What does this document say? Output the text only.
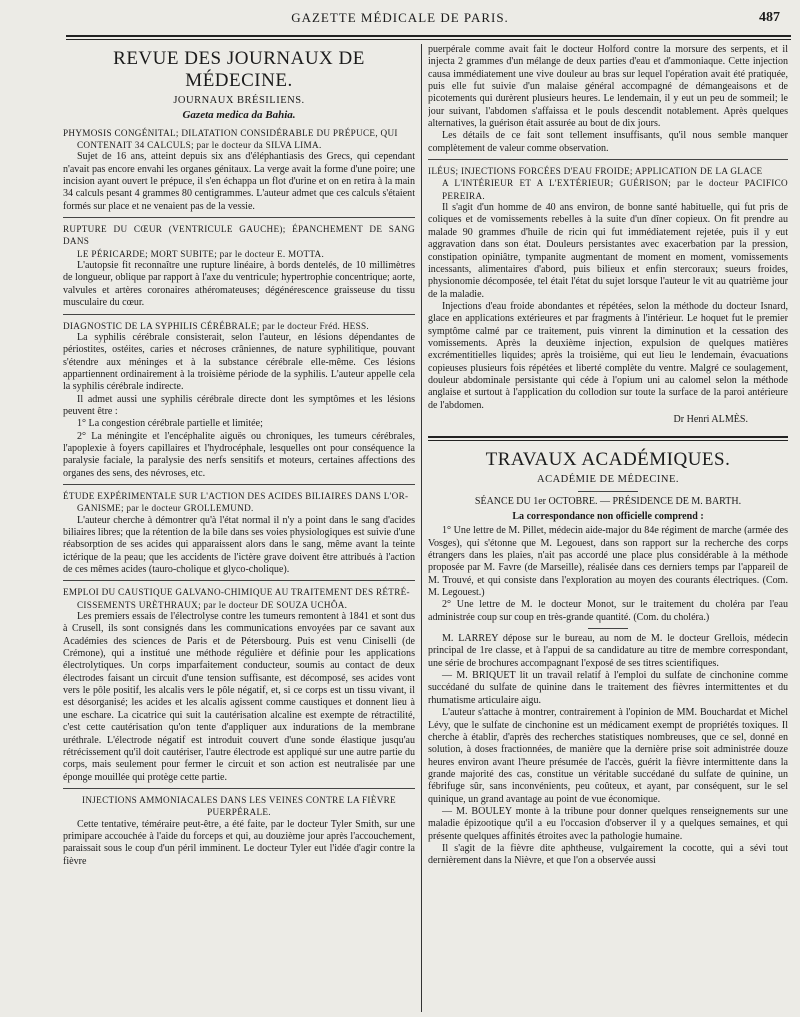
GAZETTE MÉDICALE DE PARIS.	487
REVUE DES JOURNAUX DE MÉDECINE.
JOURNAUX BRÉSILIENS.
Gazeta medica da Bahia.

PHYMOSIS CONGÉNITAL; DILATATION CONSIDÉRABLE DU PRÉPUCE, QUI
CONTENAIT 34 CALCULS; par le docteur da SILVA LIMA.

Sujet de 16 ans, atteint depuis six ans d'éléphantiasis des Grecs, qui cependant n'avait pas encore envahi les organes génitaux. La verge avait la forme d'une poire; une incision ayant ouvert le prépuce, il s'en échappa un flot d'urine et on en retira à la main 34 calculs pesant 4 grammes 80 centigrammes. L'auteur admet que ces calculs s'étaient formés sur place et ne venaient pas de la vessie.

RUPTURE DU CŒUR (VENTRICULE GAUCHE); ÉPANCHEMENT DE SANG DANS
LE PÉRICARDE; MORT SUBITE; par le docteur E. MOTTA.

L'autopsie fit reconnaître une rupture linéaire, à bords dentelés, de 10 millimètres de longueur, oblique par rapport à l'axe du ventricule; hypertrophie concentrique; aorte, valvules et artères coronaires athéromateuses; dégénérescence graisseuse du tissu musculaire du cœur.

DIAGNOSTIC DE LA SYPHILIS CÉRÉBRALE; par le docteur Fréd. HESS.

La syphilis cérébrale consisterait, selon l'auteur, en lésions dépendantes de périostites, ostéites, caries et nécroses crâniennes, de nature syphilitique, pouvant s'étendre aux méninges et à la substance cérébrale elle-même. Ces lésions appartiennent ordinairement à la troisième période de la syphilis. L'auteur appelle cela la syphilis cérébrale indirecte.

Il admet aussi une syphilis cérébrale directe dont les symptômes et les lésions peuvent être :

1° La congestion cérébrale partielle et limitée;

2° La méningite et l'encéphalite aiguës ou chroniques, les tumeurs cérébrales, l'apoplexie à foyers capillaires et l'hydrocéphale, lesquelles ont pour conséquence la paralysie faciale, la paralysie des nerfs sensitifs et moteurs, certaines affections des organes des sens, des névroses, etc.

ÉTUDE EXPÉRIMENTALE SUR L'ACTION DES ACIDES BILIAIRES DANS L'OR-
GANISME; par le docteur GROLLEMUND.

L'auteur cherche à démontrer qu'à l'état normal il n'y a point dans le sang d'acides biliaires libres; que la rétention de la bile dans ses voies physiologiques est suivie d'une réabsorption de ses acides qui apparaissent alors dans le sang, même avant la teinte ictérique de la peau; que les accidents de l'ictère grave doivent être attribués à l'action de ces mêmes acides (tauro-cholique et glyco-cholique).

EMPLOI DU CAUSTIQUE GALVANO-CHIMIQUE AU TRAITEMENT DES RÉTRÉ-
CISSEMENTS URÈTHRAUX; par le docteur DE SOUZA UCHÔA.

Les premiers essais de l'électrolyse contre les tumeurs remontent à 1841 et sont dus à Crusell, ils sont consignés dans les communications envoyées par ce savant aux Académies des sciences de Paris et de Pétersbourg. Puis est venu Ciniselli (de Crémone), qui a institué une méthode régulière et définie pour les applications électrolytiques. Un corps imparfaitement conducteur, soumis au contact de deux électrodes faisant un circuit d'une tension suffisante, est décomposé, ses acides vont vers le pôle positif, les alcalis vers le pôle négatif, et, si ce corps est un tissu vivant, il est désorganisé; les acides et les alcalis agissent comme caustiques et donnent lieu à une eschare. La cicatrice qui suit la cautérisation alcaline est exempte de rétractilité, c'est cette cautérisation qu'on tente d'appliquer aux indurations de la membrane uréthrale. L'électrode négatif est introduit couvert d'une sonde élastique jusqu'au rétrécissement qu'il doit cautériser, l'autre électrode est appliqué sur une autre partie du corps, mais seulement pour fermer le circuit et son action est neutralisée par une éponge mouillée qui protège cette partie.

INJECTIONS AMMONIACALES DANS LES VEINES CONTRE LA FIÈVRE
PUERPÉRALE.

Cette tentative, téméraire peut-être, a été faite, par le docteur Tyler Smith, sur une primipare accouchée à l'aide du forceps et qui, au douzième jour après l'accouchement, paraissait sous le coup d'un péril imminent. Le docteur Tyler eut l'idée d'agir contre la fièvre

puerpérale comme avait fait le docteur Holford contre la morsure des serpents, et il injecta 2 grammes d'un mélange de deux parties d'eau et d'ammoniaque. Cette injection causa immédiatement une vive douleur au bras sur lequel l'opération avait été pratiquée, puis elle fut suivie d'un malaise général accompagné de démangeaisons et de picotements qui durèrent plusieurs heures. Le lendemain, il y eut un peu de sommeil; le jour suivant, l'abdomen s'affaissa et le pouls descendit notablement. Après quelques alternatives, la guérison était assurée au bout de dix jours.

Les détails de ce fait sont tellement insuffisants, qu'il nous semble manquer complètement de valeur comme observation.

ILÉUS; INJECTIONS FORCÉES D'EAU FROIDE; APPLICATION DE LA GLACE
A L'INTÉRIEUR ET A L'EXTÉRIEUR; GUÉRISON; par le docteur PACIFICO PEREIRA.

Il s'agit d'un homme de 40 ans environ, de bonne santé habituelle, qui fut pris de coliques et de vomissements rebelles à la suite d'un dîner copieux. On fit prendre au malade 90 grammes d'huile de ricin qui fut immédiatement rejetée, puis il y eut aggravation dans son état. Douleurs persistantes avec exacerbation par la pression, constipation opiniâtre, tympanite augmentant de moment en moment, vomissements incessants, alimentaires d'abord, puis bilieux et enfin stercoraux; sueurs froides, physionomie décomposée, tel était l'état du sujet lorsque l'auteur le vit au quatrième jour de la maladie.

Injections d'eau froide abondantes et répétées, selon la méthode du docteur Isnard, glace en applications extérieures et par fragments à l'intérieur. Le hoquet fut le premier symptôme calmé par ce traitement, puis vinrent la diminution et la cessation des vomissements. Après la deuxième injection, expulsion de quelques matières excrémentitielles liquides; après la troisième, qui eut lieu le lendemain, évacuations copieuses plusieurs fois répétées et liberté complète du ventre. Malgré ce soulagement, douleur abdominale persistante qui céde à l'opium uni au calomel selon la méthode anglaise et surtout à l'application du collodion sur toute la surface de la paroi antérieure de l'abdomen.

Dr Henri ALMÈS.
TRAVAUX ACADÉMIQUES.
ACADÉMIE DE MÉDECINE.
SÉANCE DU 1er OCTOBRE. — PRÉSIDENCE DE M. BARTH.
La correspondance non officielle comprend :

1° Une lettre de M. Pillet, médecin aide-major du 84e régiment de marche (armée des Vosges), qui s'étonne que M. Legouest, dans son rapport sur la recherche des corps étrangers dans les plaies, n'ait pas accordé une place plus considérable à la méthode proposée par M. Favre (de Marseille), réalisée dans ces derniers temps par l'appareil de M. Trouvé, et qui consiste dans l'exploration au moyen des courants électriques. (Com. M. Legouest.)

2° Une lettre de M. le docteur Monot, sur le traitement du choléra par l'eau administrée coup sur coup en très-grande quantité. (Com. du choléra.)

M. LARREY dépose sur le bureau, au nom de M. le docteur Grellois, médecin principal de 1re classe, et à l'appui de sa candidature au titre de membre correspondant, une série de brochures accompagnant l'exposé de ses titres scientifiques.

— M. BRIQUET lit un travail relatif à l'emploi du sulfate de cinchonine comme succédané du sulfate de quinine dans le traitement des fièvres intermittentes et du rhumatisme articulaire aigu.

L'auteur s'attache à montrer, contrairement à l'opinion de MM. Bouchardat et Michel Lévy, que le sulfate de cinchonine est un médicament exempt de propriétés toxiques. Il cherche à établir, d'après des recherches statistiques nombreuses, que ce sel, donné en solution, à doses fractionnées, de manière que la dernière prise soit administrée douze heures environ avant l'heure présumée de l'accès, guérit la fièvre intermittente dans la grande majorité des cas, constitue un véritable succédané du sulfate de quinine, un fébrifuge sûr, sans inconvénients, peu coûteux, et ayant, par conséquent, sur le sel quinique, un grand avantage au point de vue économique.

— M. BOULEY monte à la tribune pour donner quelques renseignements sur une maladie épizootique qu'il a eu l'occasion d'observer il y a quelques semaines, et qui présente quelques affinités étroites avec la pathologie humaine.

Il s'agit de la fièvre dite aphtheuse, vulgairement la cocotte, qui a sévi tout dernièrement dans la Nièvre, et que l'on a observée aussi
